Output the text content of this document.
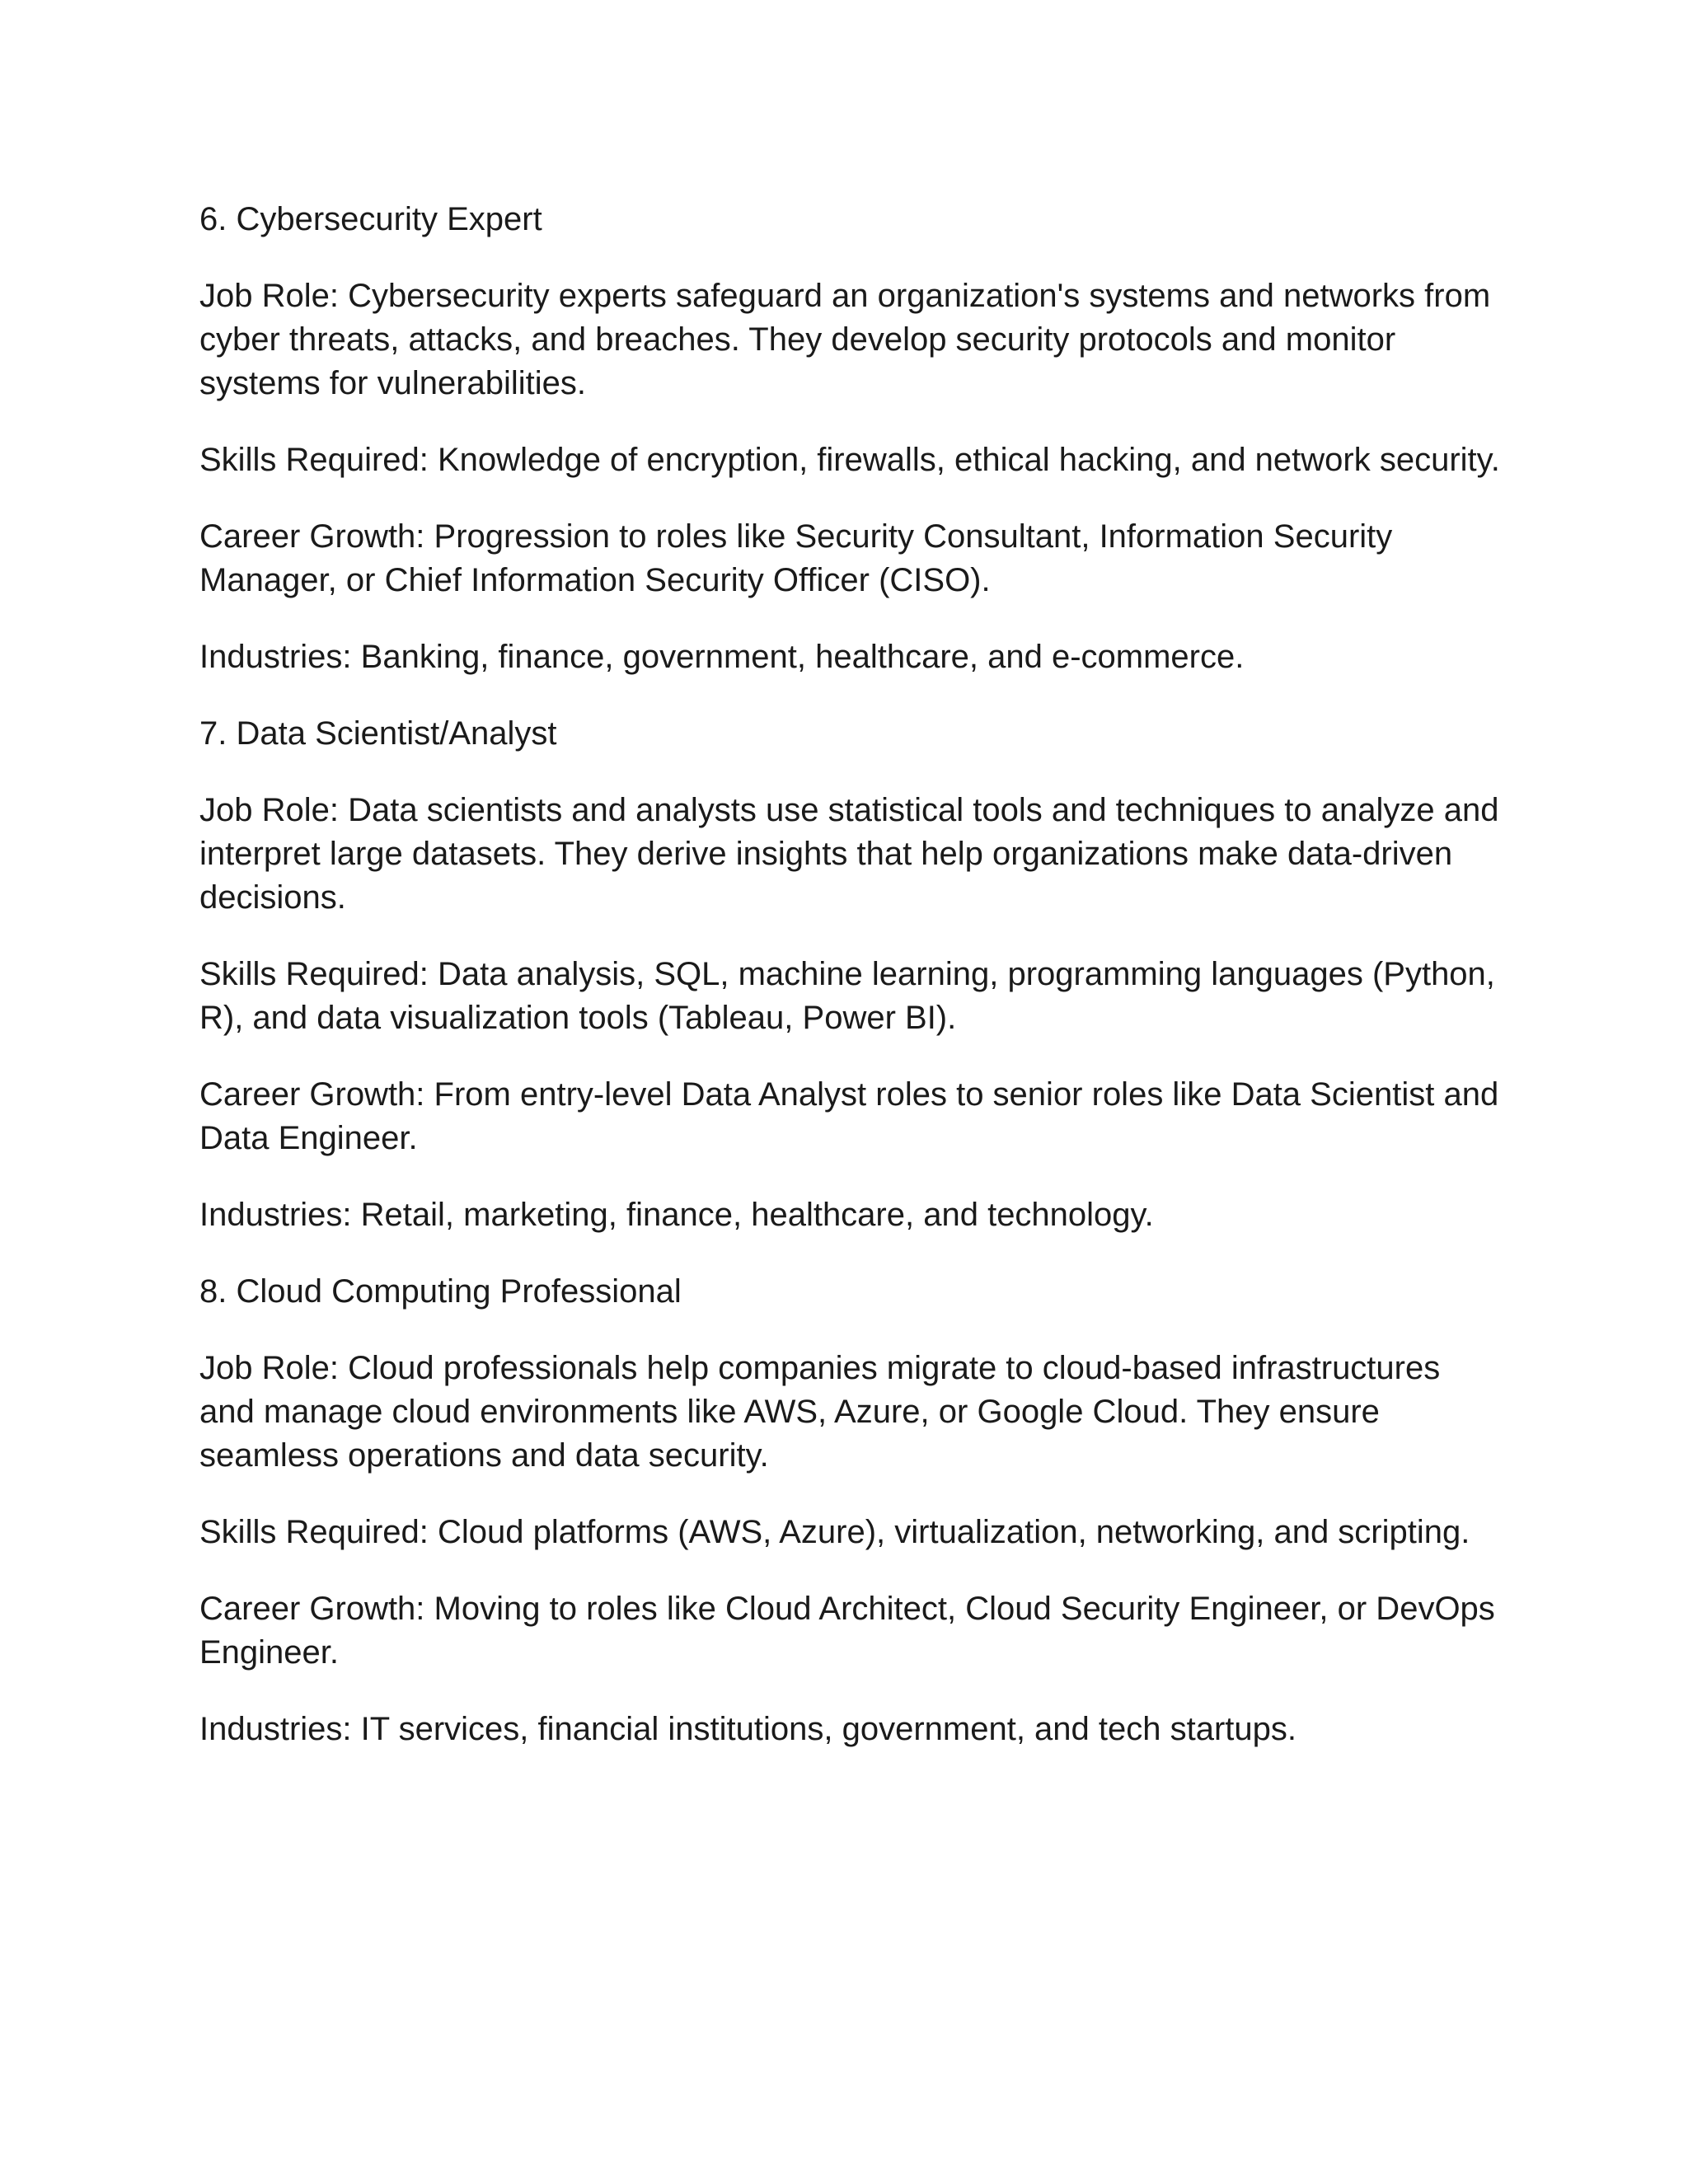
6. Cybersecurity Expert

Job Role: Cybersecurity experts safeguard an organization's systems and networks from cyber threats, attacks, and breaches. They develop security protocols and monitor systems for vulnerabilities.

Skills Required: Knowledge of encryption, firewalls, ethical hacking, and network security.

Career Growth: Progression to roles like Security Consultant, Information Security Manager, or Chief Information Security Officer (CISO).

Industries: Banking, finance, government, healthcare, and e-commerce.

7. Data Scientist/Analyst

Job Role: Data scientists and analysts use statistical tools and techniques to analyze and interpret large datasets. They derive insights that help organizations make data-driven decisions.

Skills Required: Data analysis, SQL, machine learning, programming languages (Python, R), and data visualization tools (Tableau, Power BI).

Career Growth: From entry-level Data Analyst roles to senior roles like Data Scientist and Data Engineer.

Industries: Retail, marketing, finance, healthcare, and technology.

8. Cloud Computing Professional

Job Role: Cloud professionals help companies migrate to cloud-based infrastructures and manage cloud environments like AWS, Azure, or Google Cloud. They ensure seamless operations and data security.

Skills Required: Cloud platforms (AWS, Azure), virtualization, networking, and scripting.

Career Growth: Moving to roles like Cloud Architect, Cloud Security Engineer, or DevOps Engineer.

Industries: IT services, financial institutions, government, and tech startups.
